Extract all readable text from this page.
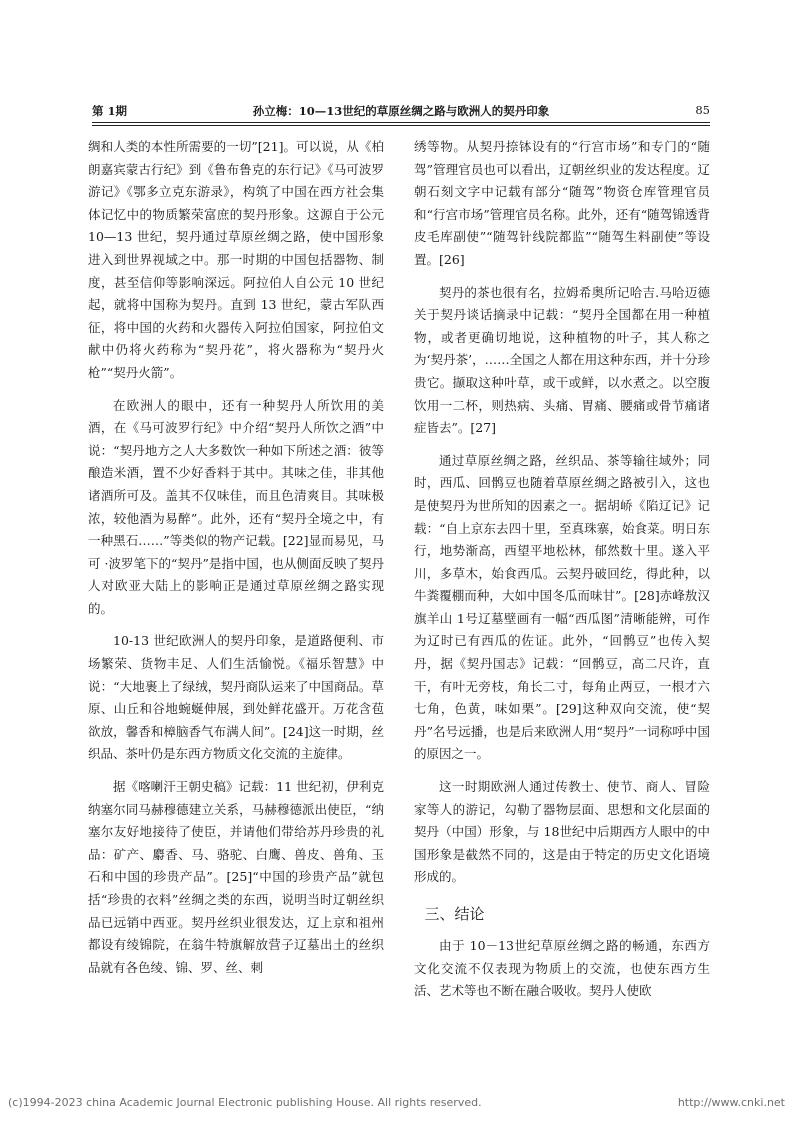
第 1期	孙立梅：10—13世纪的草原丝绸之路与欧洲人的契丹印象	85

绸和人类的本性所需要的一切”[21]。可以说，从《柏朗嘉宾蒙古行纪》到《鲁布鲁克的东行记》《马可波罗游记》《鄂多立克东游录》，构筑了中国在西方社会集体记忆中的物质繁荣富庶的契丹形象。这源自于公元 10—13 世纪，契丹通过草原丝绸之路，使中国形象进入到世界视域之中。那一时期的中国包括器物、制度，甚至信仰等影响深远。阿拉伯人自公元 10 世纪起，就将中国称为契丹。直到 13 世纪，蒙古军队西征，将中国的火药和火器传入阿拉伯国家，阿拉伯文献中仍将火药称为“契丹花”，将火器称为“契丹火枪”“契丹火箭”。

在欧洲人的眼中，还有一种契丹人所饮用的美酒，在《马可波罗行纪》中介绍“契丹人所饮之酒”中说：“契丹地方之人大多数饮一种如下所述之酒：彼等酿造米酒，置不少好香料于其中。其味之佳，非其他诸酒所可及。盖其不仅味佳，而且色清爽目。其味极浓，较他酒为易醉”。此外，还有“契丹全境之中，有一种黑石……”等类似的物产记载。[22]显而易见，马可 ·波罗笔下的“契丹”是指中国，也从侧面反映了契丹人对欧亚大陆上的影响正是通过草原丝绸之路实现的。

10-13 世纪欧洲人的契丹印象，是道路便利、市场繁荣、货物丰足、人们生活愉悦。《福乐智慧》中说：“大地裹上了绿绒，契丹商队运来了中国商品。草原、山丘和谷地蜿蜒伸展，到处鲜花盛开。万花含苞欲放，馨香和樟脑香气布满人间”。[24]这一时期，丝织品、茶叶仍是东西方物质文化交流的主旋律。

据《喀喇汗王朝史稿》记载：11 世纪初，伊利克纳塞尔同马赫穆德建立关系，马赫穆德派出使臣，“纳塞尔友好地接待了使臣，并请他们带给苏丹珍贵的礼品：矿产、麝香、马、骆驼、白鹰、兽皮、兽角、玉石和中国的珍贵产品”。[25]“中国的珍贵产品”就包括“珍贵的衣料”丝绸之类的东西，说明当时辽朝丝织品已远销中西亚。契丹丝织业很发达，辽上京和祖州都设有绫锦院，在翁牛特旗解放营子辽墓出土的丝织品就有各色绫、锦、罗、丝、刺

绣等物。从契丹捺钵设有的“行宫市场”和专门的“随驾”管理官员也可以看出，辽朝丝织业的发达程度。辽朝石刻文字中记载有部分“随驾”物资仓库管理官员和“行宫市场”管理官员名称。此外，还有“随驾锦透背皮毛库副使”“随驾针线院都监”“随驾生料副使”等设置。[26]

契丹的茶也很有名，拉姆希奥所记哈吉.马哈迈德关于契丹谈话摘录中记载：“契丹全国都在用一种植物，或者更确切地说，这种植物的叶子，其人称之为‘契丹茶’，……全国之人都在用这种东西，并十分珍贵它。撷取这种叶草，或干或鲜，以水煮之。以空腹饮用一二杯，则热病、头痛、胃痛、腰痛或骨节痛诸症皆去”。[27]

通过草原丝绸之路，丝织品、茶等输往域外；同时，西瓜、回鹘豆也随着草原丝绸之路被引入，这也是使契丹为世所知的因素之一。据胡峤《陷辽记》记载：“自上京东去四十里，至真珠寨，始食菜。明日东行，地势渐高，西望平地松林，郁然数十里。遂入平川，多草木，始食西瓜。云契丹破回纥，得此种，以牛粪覆棚而种，大如中国冬瓜而味甘”。[28]赤峰敖汉旗羊山 1号辽墓壁画有一幅“西瓜图”清晰能辨，可作为辽时已有西瓜的佐证。此外，“回鹘豆”也传入契丹，据《契丹国志》记载：“回鹘豆，高二尺许，直干，有叶无旁枝，角长二寸，每角止两豆，一根才六七角，色黄，味如栗”。[29]这种双向交流，使“契丹”名号远播，也是后来欧洲人用“契丹”一词称呼中国的原因之一。

这一时期欧洲人通过传教士、使节、商人、冒险家等人的游记，勾勒了器物层面、思想和文化层面的契丹（中国）形象，与 18世纪中后期西方人眼中的中国形象是截然不同的，这是由于特定的历史文化语境形成的。

三、结论

由于 10－13世纪草原丝绸之路的畅通，东西方文化交流不仅表现为物质上的交流，也使东西方生活、艺术等也不断在融合吸收。契丹人使欧

(c)1994-2023 china Academic Journal Electronic publishing House. All rights reserved.	http://www.cnki.net
